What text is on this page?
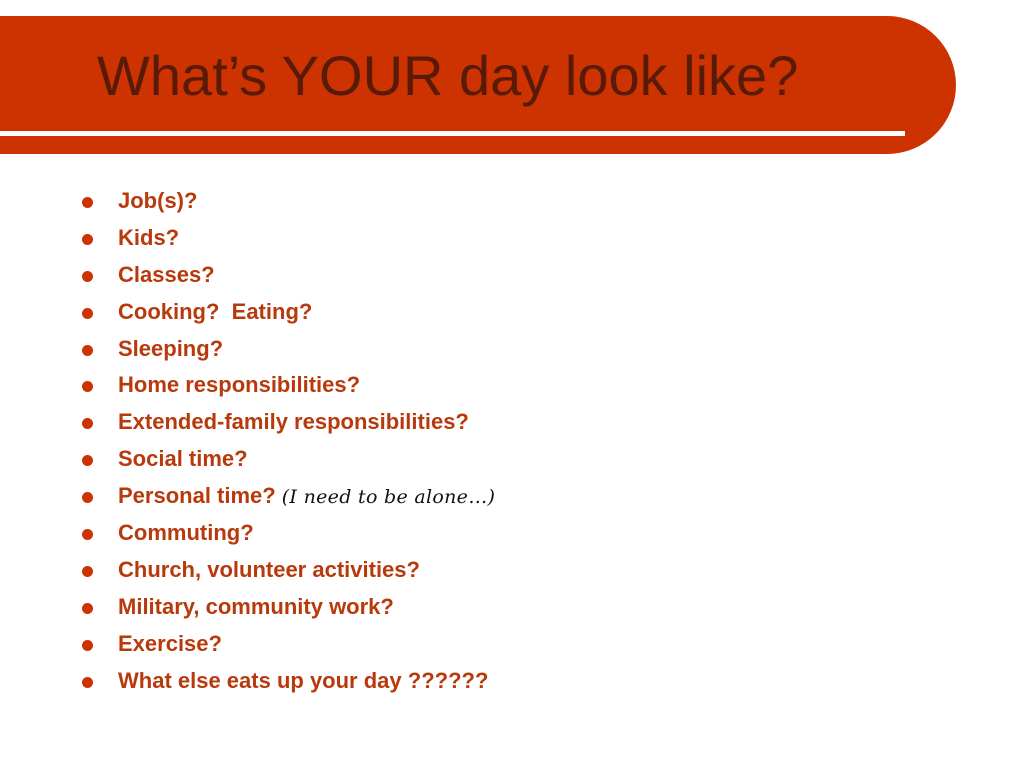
What’s YOUR day look like?
Job(s)?
Kids?
Classes?
Cooking?  Eating?
Sleeping?
Home responsibilities?
Extended-family responsibilities?
Social time?
Personal time? (I need to be alone…)
Commuting?
Church, volunteer activities?
Military, community work?
Exercise?
What else eats up your day ??????
